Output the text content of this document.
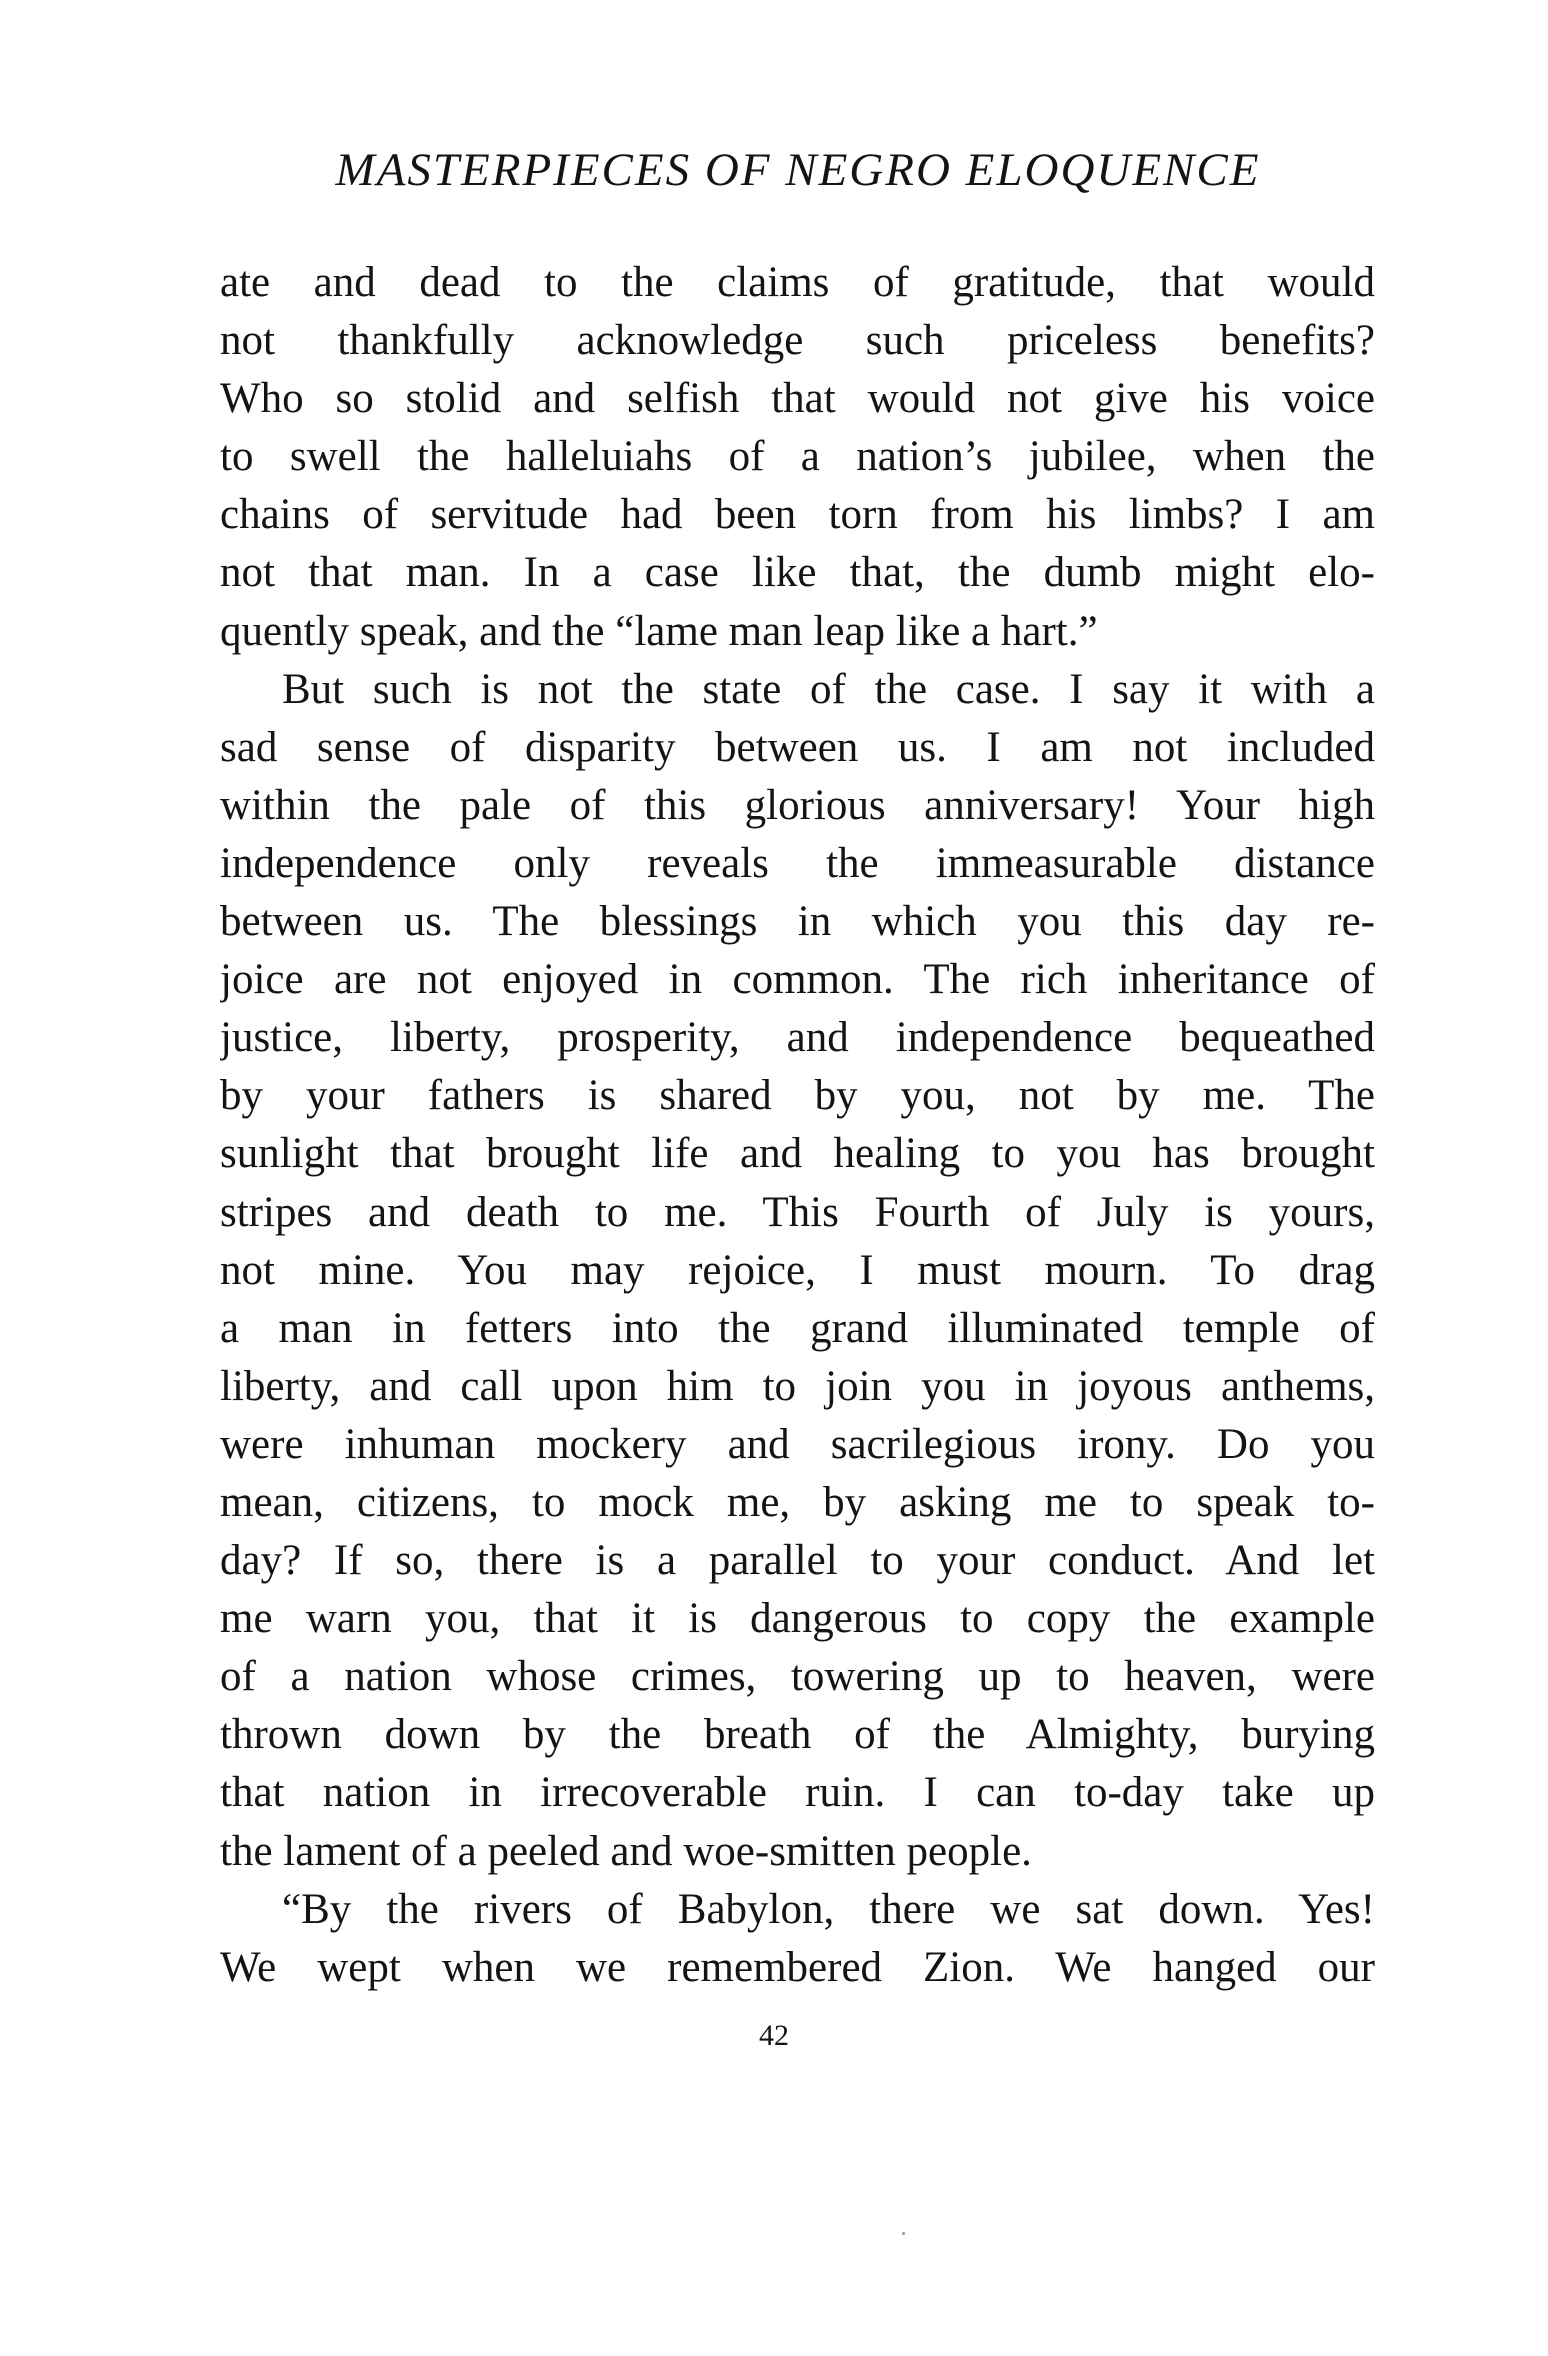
MASTERPIECES OF NEGRO ELOQUENCE
ate and dead to the claims of gratitude, that would
not thankfully acknowledge such priceless benefits?
Who so stolid and selfish that would not give his voice
to swell the halleluiahs of a nation’s jubilee, when the
chains of servitude had been torn from his limbs? I am
not that man. In a case like that, the dumb might elo-
quently speak, and the “lame man leap like a hart.”
But such is not the state of the case. I say it with a
sad sense of disparity between us. I am not included
within the pale of this glorious anniversary! Your high
independence only reveals the immeasurable distance
between us. The blessings in which you this day re-
joice are not enjoyed in common. The rich inheritance of
justice, liberty, prosperity, and independence bequeathed
by your fathers is shared by you, not by me. The
sunlight that brought life and healing to you has brought
stripes and death to me. This Fourth of July is yours,
not mine. You may rejoice, I must mourn. To drag
a man in fetters into the grand illuminated temple of
liberty, and call upon him to join you in joyous anthems,
were inhuman mockery and sacrilegious irony. Do you
mean, citizens, to mock me, by asking me to speak to-
day? If so, there is a parallel to your conduct. And let
me warn you, that it is dangerous to copy the example
of a nation whose crimes, towering up to heaven, were
thrown down by the breath of the Almighty, burying
that nation in irrecoverable ruin. I can to-day take up
the lament of a peeled and woe-smitten people.
“By the rivers of Babylon, there we sat down. Yes!
We wept when we remembered Zion. We hanged our
42
